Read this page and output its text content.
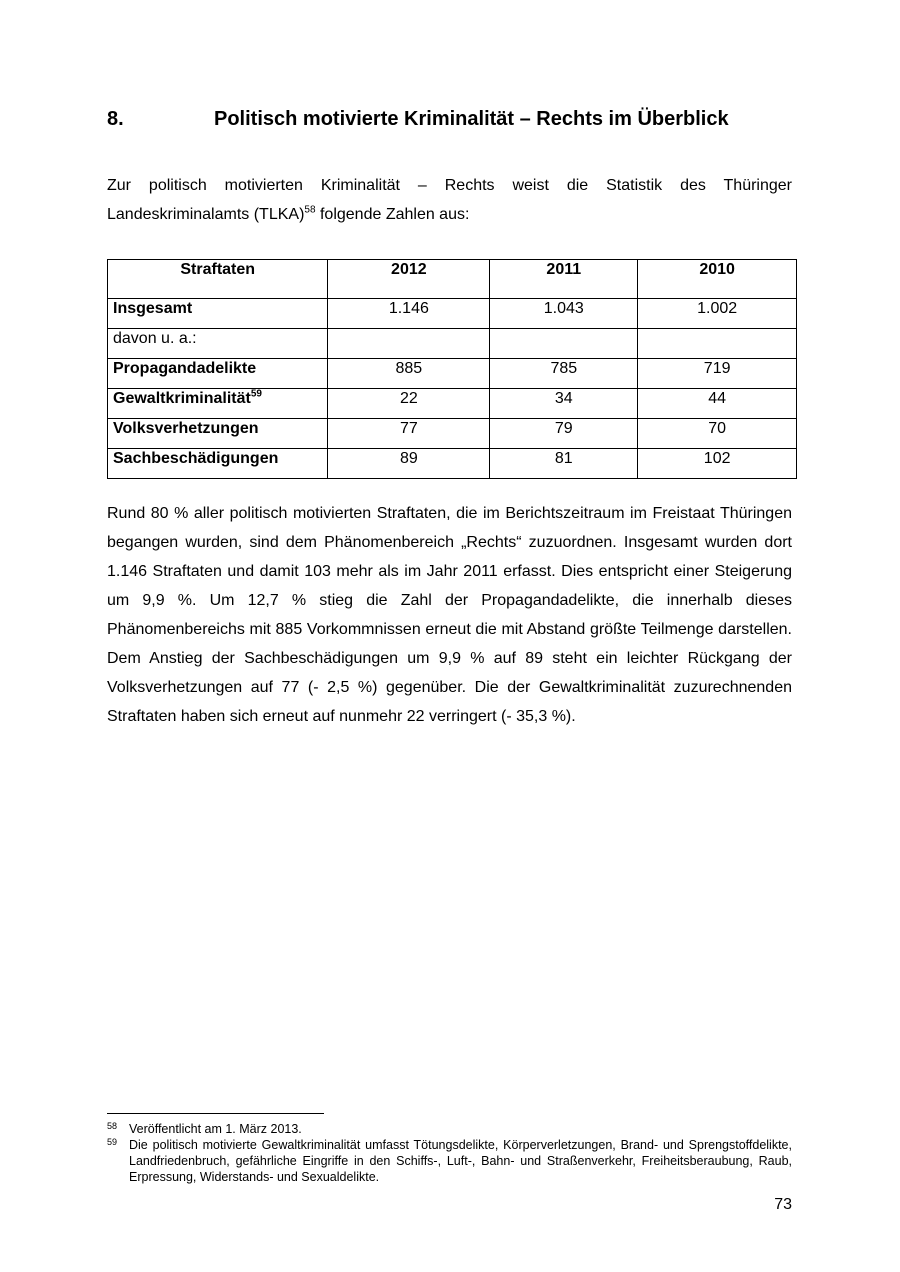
8.	Politisch motivierte Kriminalität – Rechts im Überblick

Zur politisch motivierten Kriminalität – Rechts weist die Statistik des Thüringer Landeskriminalamts (TLKA)$^{58}$ folgende Zahlen aus:

Straftaten	2012	2011	2010
Insgesamt	1.146	1.043	1.002
davon u. a.:			
Propagandadelikte	885	785	719
Gewaltkriminalität$^{59}$	22	34	44
Volksverhetzungen	77	79	70
Sachbeschädigungen	89	81	102

Rund 80 % aller politisch motivierten Straftaten, die im Berichtszeitraum im Freistaat Thüringen begangen wurden, sind dem Phänomenbereich „Rechts“ zuzuordnen. Insgesamt wurden dort 1.146 Straftaten und damit 103 mehr als im Jahr 2011 erfasst. Dies entspricht einer Steigerung um 9,9 %. Um 12,7 % stieg die Zahl der Propagandadelikte, die innerhalb dieses Phänomenbereichs mit 885 Vorkommnissen erneut die mit Abstand größte Teilmenge darstellen. Dem Anstieg der Sachbeschädigungen um 9,9 % auf 89 steht ein leichter Rückgang der Volksverhetzungen auf 77 (- 2,5 %) gegenüber. Die der Gewaltkriminalität zuzurechnenden Straftaten haben sich erneut auf nunmehr 22 verringert (- 35,3 %).

58 Veröffentlicht am 1. März 2013.
59 Die politisch motivierte Gewaltkriminalität umfasst Tötungsdelikte, Körperverletzungen, Brand- und Sprengstoffdelikte, Landfriedenbruch, gefährliche Eingriffe in den Schiffs-, Luft-, Bahn- und Straßenverkehr, Freiheitsberaubung, Raub, Erpressung, Widerstands- und Sexualdelikte.
73
